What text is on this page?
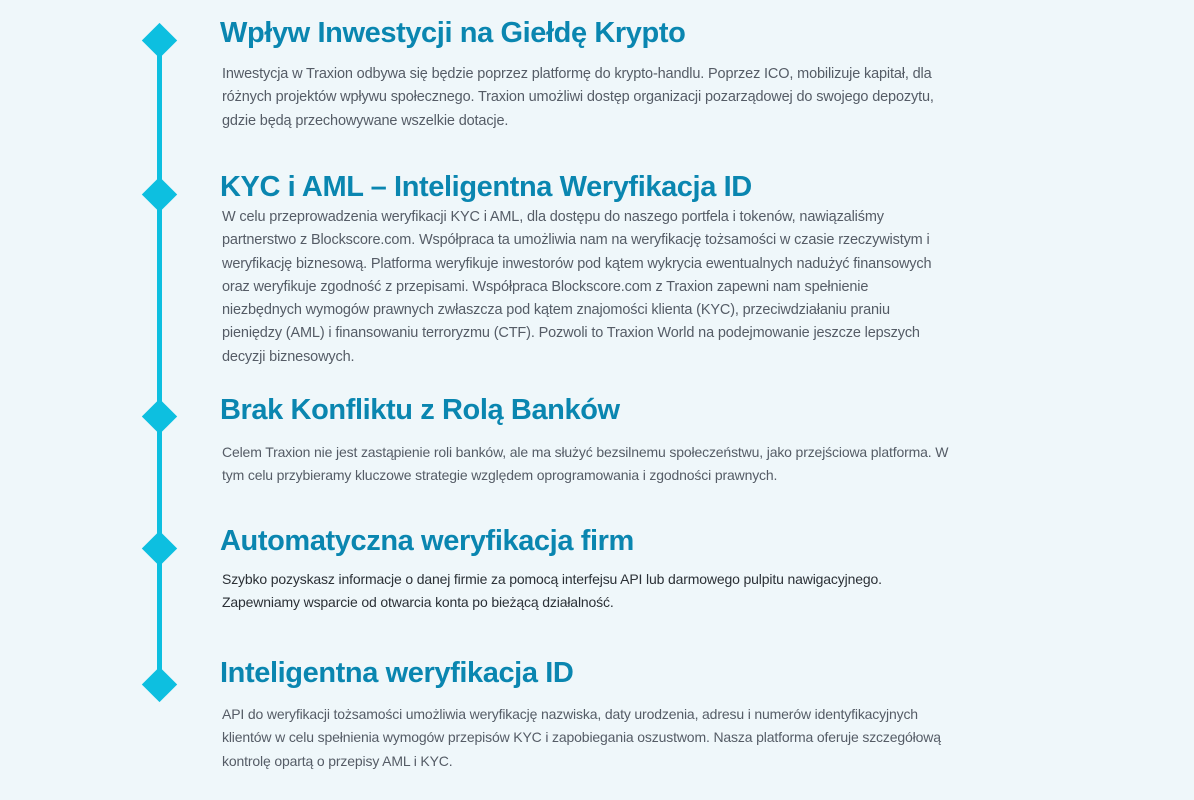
Wpływ Inwestycji na Giełdę Krypto

Inwestycja w Traxion odbywa się będzie poprzez platformę do krypto-handlu. Poprzez ICO, mobilizuje kapitał, dla różnych projektów wpływu społecznego. Traxion umożliwi dostęp organizacji pozarządowej do swojego depozytu, gdzie będą przechowywane wszelkie dotacje.

KYC i AML – Inteligentna Weryfikacja ID

W celu przeprowadzenia weryfikacji KYC i AML, dla dostępu do naszego portfela i tokenów, nawiązaliśmy partnerstwo z Blockscore.com. Współpraca ta umożliwia nam na weryfikację tożsamości w czasie rzeczywistym i weryfikację biznesową. Platforma weryfikuje inwestorów pod kątem wykrycia ewentualnych nadużyć finansowych oraz weryfikuje zgodność z przepisami. Współpraca Blockscore.com z Traxion zapewni nam spełnienie niezbędnych wymogów prawnych zwłaszcza pod kątem znajomości klienta (KYC), przeciwdziałaniu praniu pieniędzy (AML) i finansowaniu terroryzmu (CTF). Pozwoli to Traxion World na podejmowanie jeszcze lepszych decyzji biznesowych.

Brak Konfliktu z Rolą Banków

Celem Traxion nie jest zastąpienie roli banków, ale ma służyć bezsilnemu społeczeństwu, jako przejściowa platforma. W tym celu przybieramy kluczowe strategie względem oprogramowania i zgodności prawnych.

Automatyczna weryfikacja firm

Szybko pozyskasz informacje o danej firmie za pomocą interfejsu API lub darmowego pulpitu nawigacyjnego. Zapewniamy wsparcie od otwarcia konta po bieżącą działalność.

Inteligentna weryfikacja ID

API do weryfikacji tożsamości umożliwia weryfikację nazwiska, daty urodzenia, adresu i numerów identyfikacyjnych klientów w celu spełnienia wymogów przepisów KYC i zapobiegania oszustwom. Nasza platforma oferuje szczegółową kontrolę opartą o przepisy AML i KYC.
